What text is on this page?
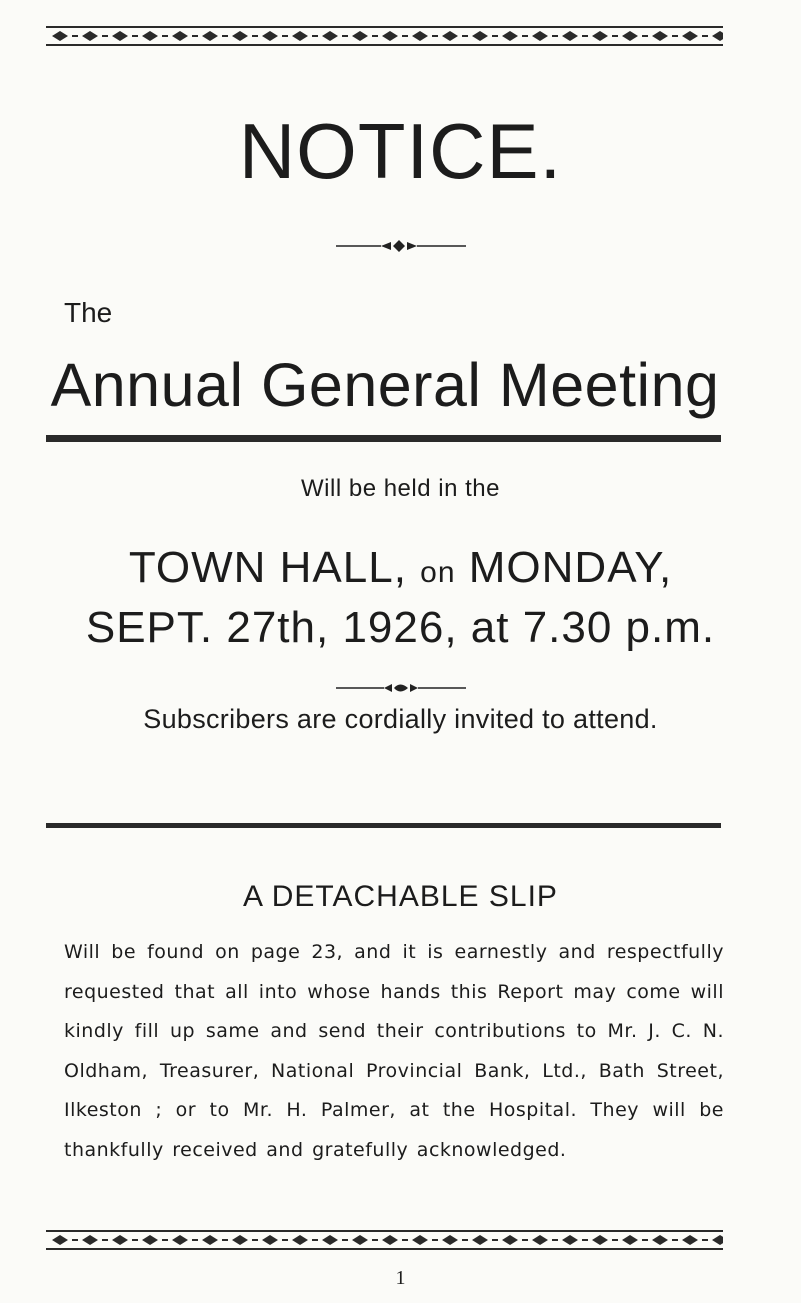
NOTICE.
The
Annual General Meeting
Will be held in the
TOWN HALL, on MONDAY,
SEPT. 27th, 1926, at 7.30 p.m.
Subscribers are cordially invited to attend.
A DETACHABLE SLIP
Will be found on page 23, and it is earnestly and respectfully requested that all into whose hands this Report may come will kindly fill up same and send their contributions to Mr. J. C. N. Oldham, Treasurer, National Provincial Bank, Ltd., Bath Street, Ilkeston ; or to Mr. H. Palmer, at the Hospital. They will be thankfully received and gratefully acknowledged.
1
